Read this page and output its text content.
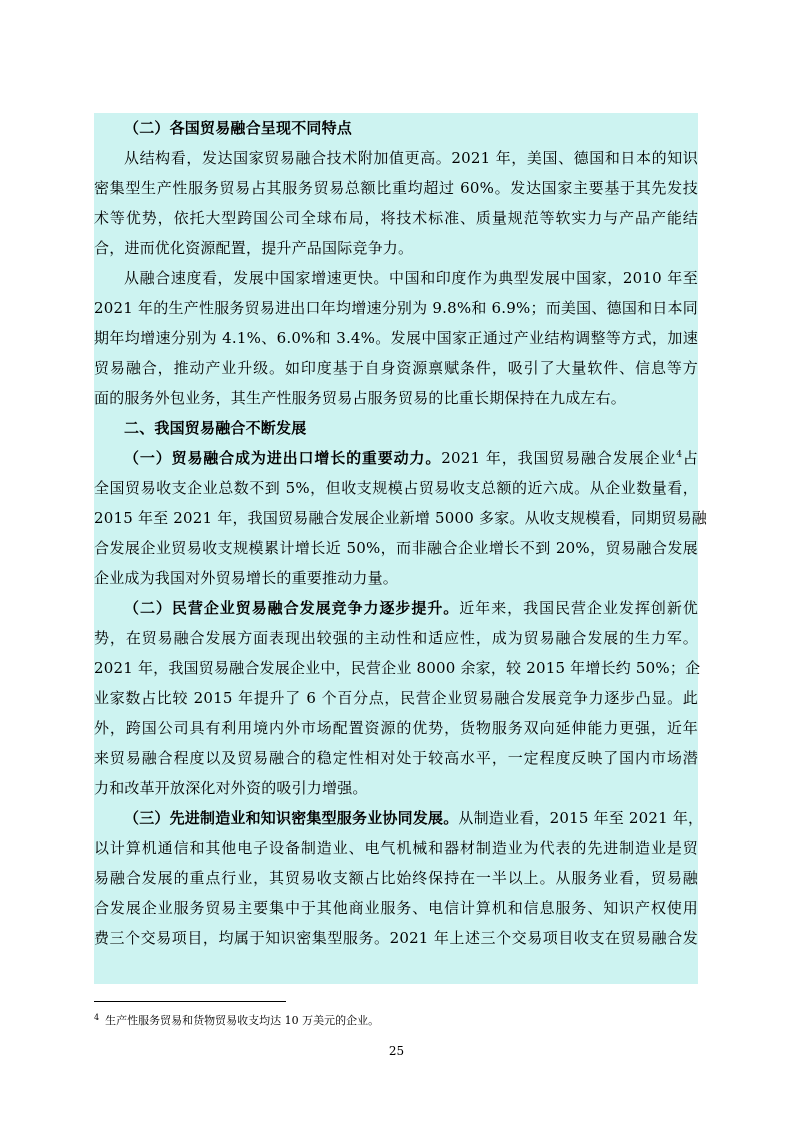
（二）各国贸易融合呈现不同特点
从结构看，发达国家贸易融合技术附加值更高。2021 年，美国、德国和日本的知识
密集型生产性服务贸易占其服务贸易总额比重均超过 60%。发达国家主要基于其先发技
术等优势，依托大型跨国公司全球布局，将技术标准、质量规范等软实力与产品产能结
合，进而优化资源配置，提升产品国际竞争力。
从融合速度看，发展中国家增速更快。中国和印度作为典型发展中国家，2010 年至
2021 年的生产性服务贸易进出口年均增速分别为 9.8%和 6.9%；而美国、德国和日本同
期年均增速分别为 4.1%、6.0%和 3.4%。发展中国家正通过产业结构调整等方式，加速
贸易融合，推动产业升级。如印度基于自身资源禀赋条件，吸引了大量软件、信息等方
面的服务外包业务，其生产性服务贸易占服务贸易的比重长期保持在九成左右。
二、我国贸易融合不断发展
（一）贸易融合成为进出口增长的重要动力。2021 年，我国贸易融合发展企业$^4$占
全国贸易收支企业总数不到 5%，但收支规模占贸易收支总额的近六成。从企业数量看，
2015 年至 2021 年，我国贸易融合发展企业新增 5000 多家。从收支规模看，同期贸易融
合发展企业贸易收支规模累计增长近 50%，而非融合企业增长不到 20%，贸易融合发展
企业成为我国对外贸易增长的重要推动力量。
（二）民营企业贸易融合发展竞争力逐步提升。近年来，我国民营企业发挥创新优
势，在贸易融合发展方面表现出较强的主动性和适应性，成为贸易融合发展的生力军。
2021 年，我国贸易融合发展企业中，民营企业 8000 余家，较 2015 年增长约 50%；企
业家数占比较 2015 年提升了 6 个百分点，民营企业贸易融合发展竞争力逐步凸显。此
外，跨国公司具有利用境内外市场配置资源的优势，货物服务双向延伸能力更强，近年
来贸易融合程度以及贸易融合的稳定性相对处于较高水平，一定程度反映了国内市场潜
力和改革开放深化对外资的吸引力增强。
（三）先进制造业和知识密集型服务业协同发展。从制造业看，2015 年至 2021 年，
以计算机通信和其他电子设备制造业、电气机械和器材制造业为代表的先进制造业是贸
易融合发展的重点行业，其贸易收支额占比始终保持在一半以上。从服务业看，贸易融
合发展企业服务贸易主要集中于其他商业服务、电信计算机和信息服务、知识产权使用
费三个交易项目，均属于知识密集型服务。2021 年上述三个交易项目收支在贸易融合发
$^4$ 生产性服务贸易和货物贸易收支均达 10 万美元的企业。
25
